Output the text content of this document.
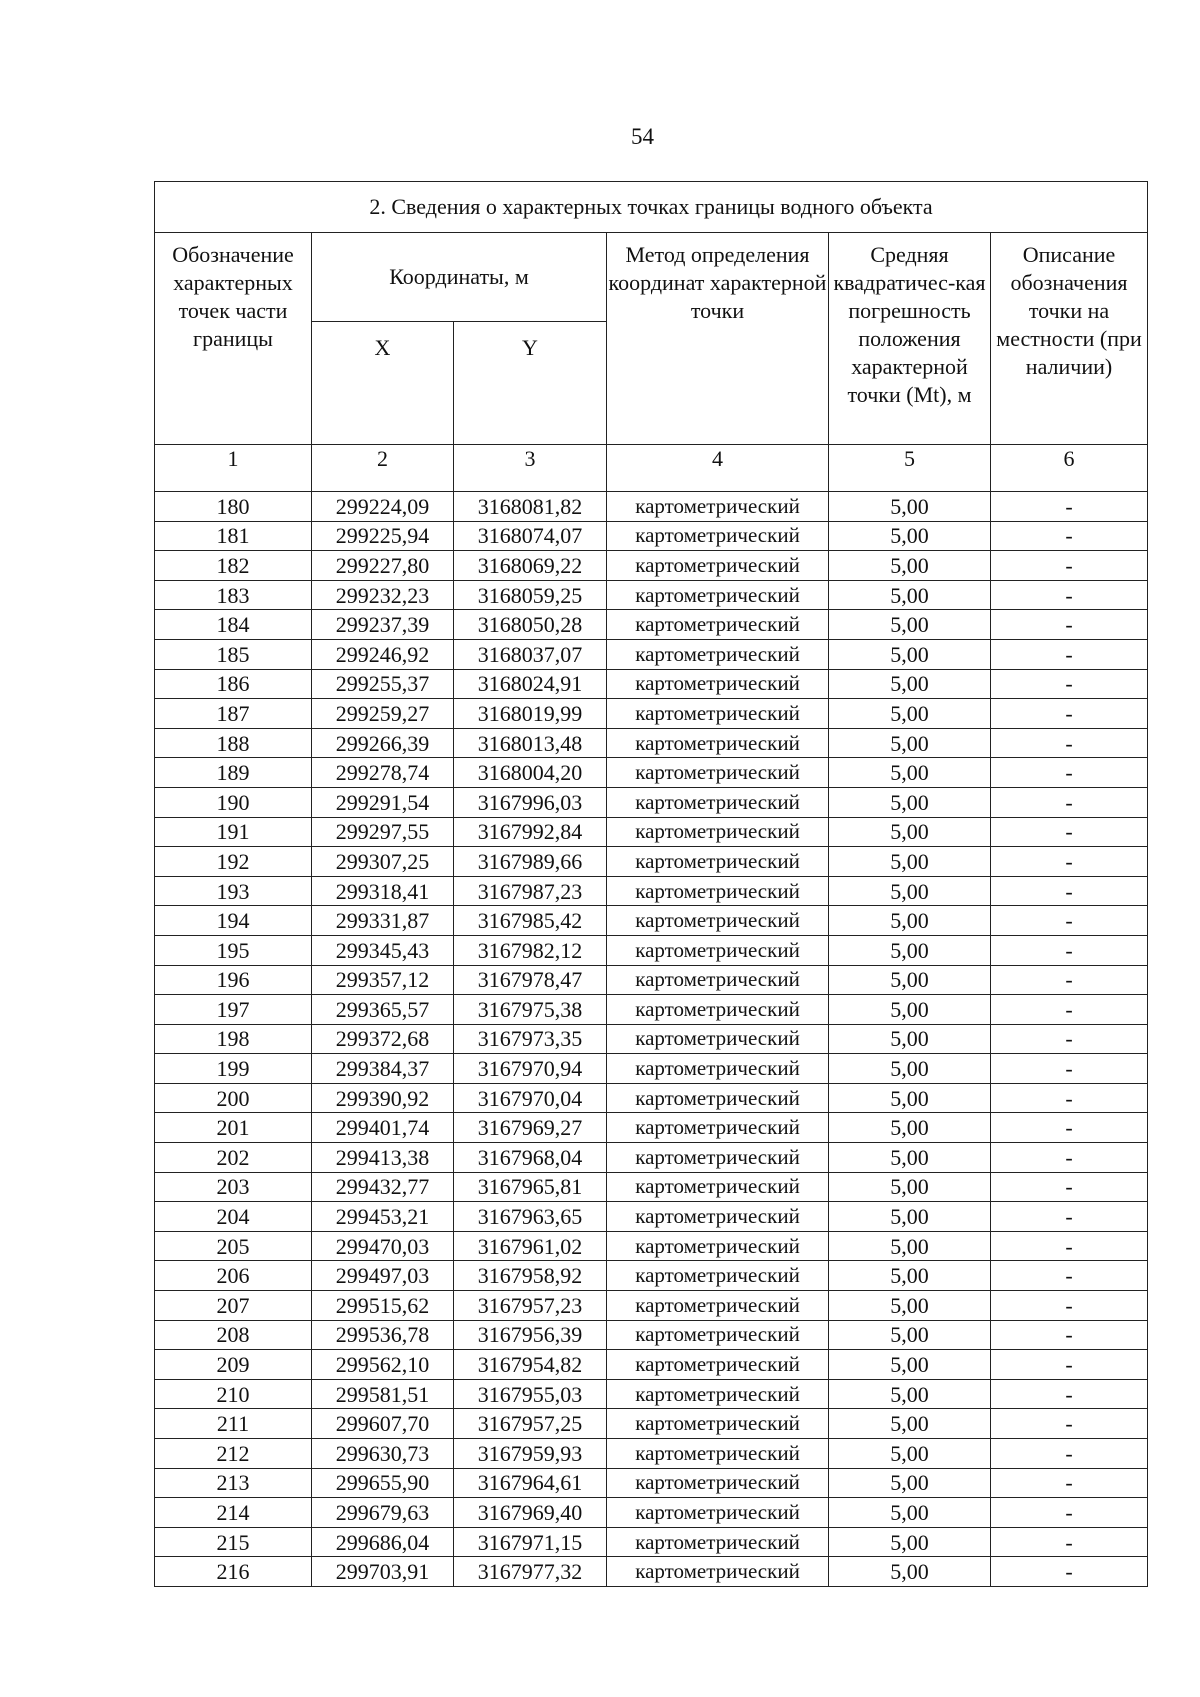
54
2. Сведения о характерных точках границы водного объекта					
Обозначение характерных точек части границы	Координаты, м		Метод определения координат характерной точки	Средняя квадратичес-кая погрешность положения характерной точки (Mt), м	Описание обозначения точки на местности (при наличии)
	X	Y			
1	2	3	4	5	6
180	299224,09	3168081,82	картометрический	5,00	-
181	299225,94	3168074,07	картометрический	5,00	-
182	299227,80	3168069,22	картометрический	5,00	-
183	299232,23	3168059,25	картометрический	5,00	-
184	299237,39	3168050,28	картометрический	5,00	-
185	299246,92	3168037,07	картометрический	5,00	-
186	299255,37	3168024,91	картометрический	5,00	-
187	299259,27	3168019,99	картометрический	5,00	-
188	299266,39	3168013,48	картометрический	5,00	-
189	299278,74	3168004,20	картометрический	5,00	-
190	299291,54	3167996,03	картометрический	5,00	-
191	299297,55	3167992,84	картометрический	5,00	-
192	299307,25	3167989,66	картометрический	5,00	-
193	299318,41	3167987,23	картометрический	5,00	-
194	299331,87	3167985,42	картометрический	5,00	-
195	299345,43	3167982,12	картометрический	5,00	-
196	299357,12	3167978,47	картометрический	5,00	-
197	299365,57	3167975,38	картометрический	5,00	-
198	299372,68	3167973,35	картометрический	5,00	-
199	299384,37	3167970,94	картометрический	5,00	-
200	299390,92	3167970,04	картометрический	5,00	-
201	299401,74	3167969,27	картометрический	5,00	-
202	299413,38	3167968,04	картометрический	5,00	-
203	299432,77	3167965,81	картометрический	5,00	-
204	299453,21	3167963,65	картометрический	5,00	-
205	299470,03	3167961,02	картометрический	5,00	-
206	299497,03	3167958,92	картометрический	5,00	-
207	299515,62	3167957,23	картометрический	5,00	-
208	299536,78	3167956,39	картометрический	5,00	-
209	299562,10	3167954,82	картометрический	5,00	-
210	299581,51	3167955,03	картометрический	5,00	-
211	299607,70	3167957,25	картометрический	5,00	-
212	299630,73	3167959,93	картометрический	5,00	-
213	299655,90	3167964,61	картометрический	5,00	-
214	299679,63	3167969,40	картометрический	5,00	-
215	299686,04	3167971,15	картометрический	5,00	-
216	299703,91	3167977,32	картометрический	5,00	-
